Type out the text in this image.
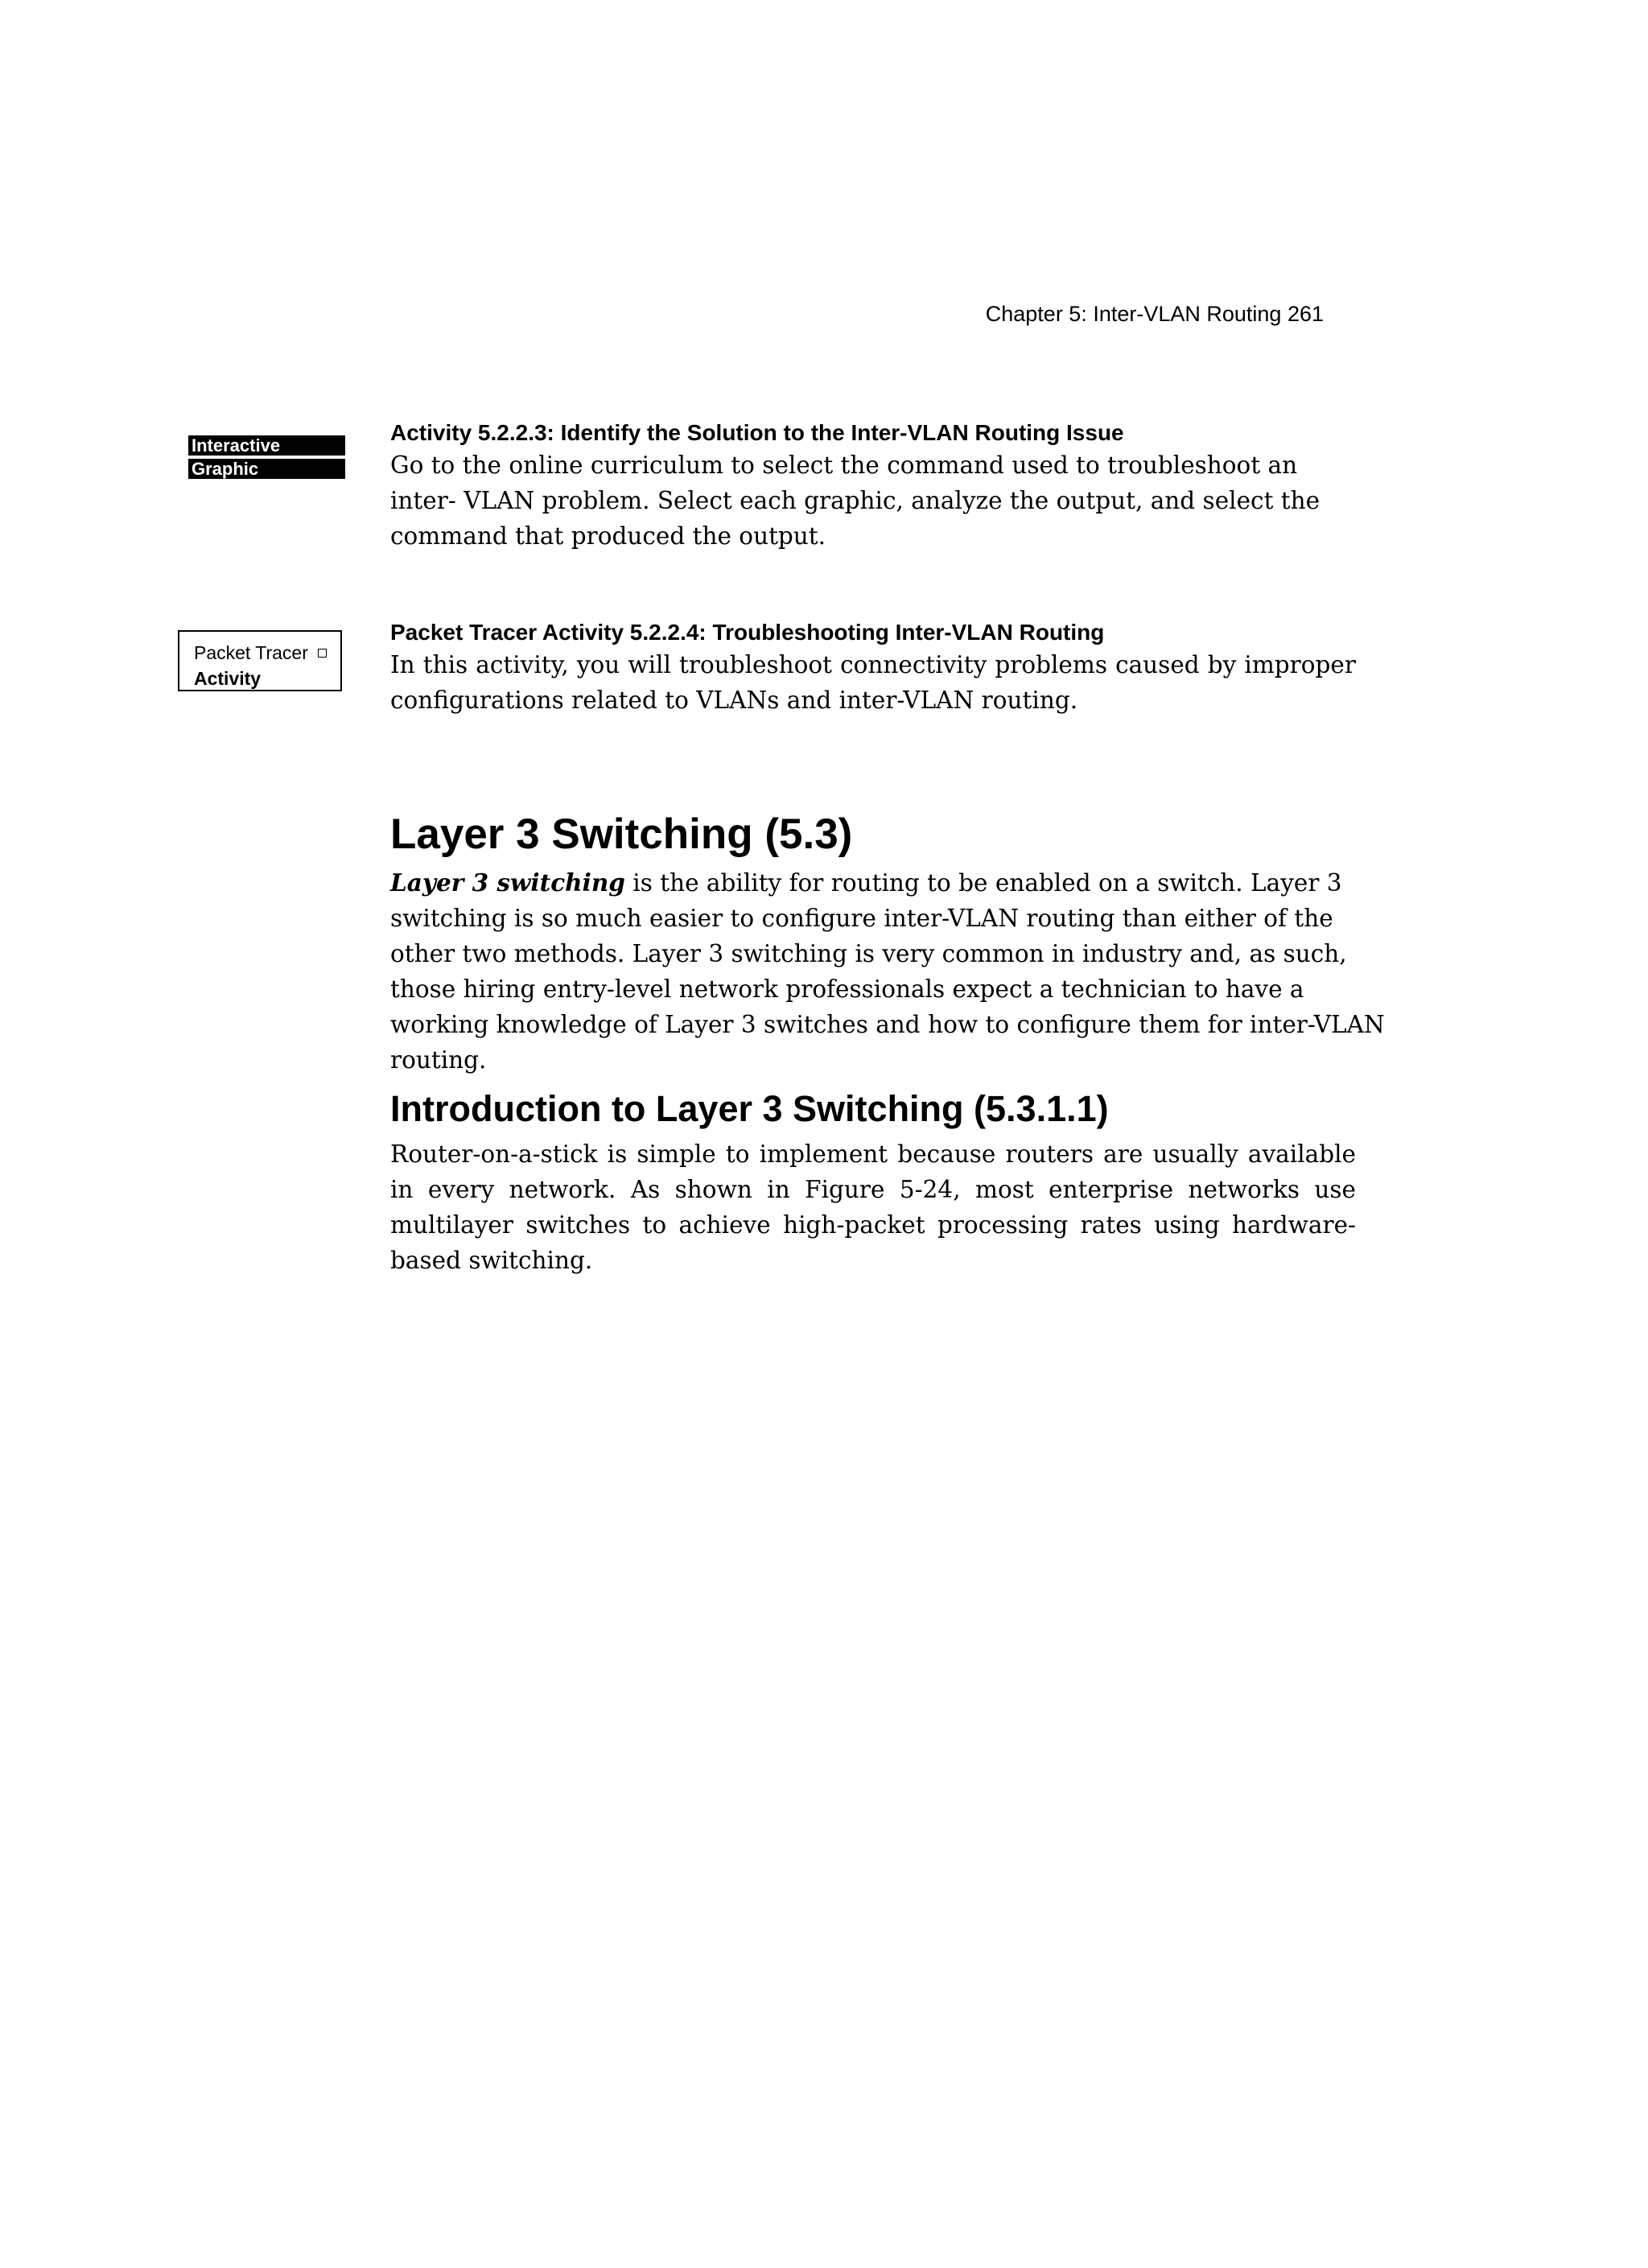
Chapter 5: Inter-VLAN Routing 261
Interactive
Graphic

Activity 5.2.2.3: Identify the Solution to the Inter-VLAN Routing Issue

Go to the online curriculum to select the command used to troubleshoot an inter- VLAN problem. Select each graphic, analyze the output, and select the command that produced the output.

Packet Tracer
Activity

Packet Tracer Activity 5.2.2.4: Troubleshooting Inter-VLAN Routing

In this activity, you will troubleshoot connectivity problems caused by improper configurations related to VLANs and inter-VLAN routing.

Layer 3 Switching (5.3)

Layer 3 switching is the ability for routing to be enabled on a switch. Layer 3 switching is so much easier to configure inter-VLAN routing than either of the other two methods. Layer 3 switching is very common in industry and, as such, those hiring entry-level network professionals expect a technician to have a working knowledge of Layer 3 switches and how to configure them for inter-VLAN routing.

Introduction to Layer 3 Switching (5.3.1.1)

Router-on-a-stick is simple to implement because routers are usually available in every network. As shown in Figure 5-24, most enterprise networks use multilayer switches to achieve high-packet processing rates using hardware-based switching.
